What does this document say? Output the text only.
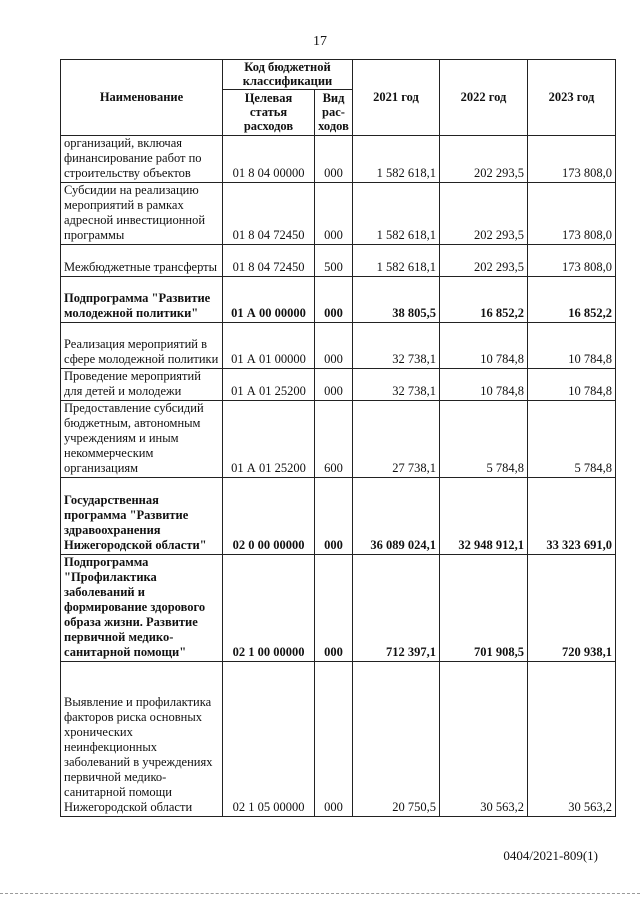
17
Наименование	Код бюджетной классификации		2021 год	2022 год	2023 год
	Целевая статья расходов	Вид рас- ходов			

организаций, включая финансирование работ по строительству объектов	01 8 04 00000	000	1 582 618,1	202 293,5	173 808,0

Субсидии на реализацию мероприятий в рамках адресной инвестиционной программы	01 8 04 72450	000	1 582 618,1	202 293,5	173 808,0

Межбюджетные трансферты	01 8 04 72450	500	1 582 618,1	202 293,5	173 808,0

Подпрограмма "Развитие молодежной политики"	01 А 00 00000	000	38 805,5	16 852,2	16 852,2

Реализация мероприятий в сфере молодежной политики	01 А 01 00000	000	32 738,1	10 784,8	10 784,8

Проведение мероприятий для детей и молодежи	01 А 01 25200	000	32 738,1	10 784,8	10 784,8

Предоставление субсидий бюджетным, автономным учреждениям и иным некоммерческим организациям	01 А 01 25200	600	27 738,1	5 784,8	5 784,8

Государственная программа "Развитие здравоохранения Нижегородской области"	02 0 00 00000	000	36 089 024,1	32 948 912,1	33 323 691,0

Подпрограмма "Профилактика заболеваний и формирование здорового образа жизни. Развитие первичной медико-санитарной помощи"	02 1 00 00000	000	712 397,1	701 908,5	720 938,1

Выявление и профилактика факторов риска основных хронических неинфекционных заболеваний в учреждениях первичной медико-санитарной помощи Нижегородской области	02 1 05 00000	000	20 750,5	30 563,2	30 563,2
0404/2021-809(1)
